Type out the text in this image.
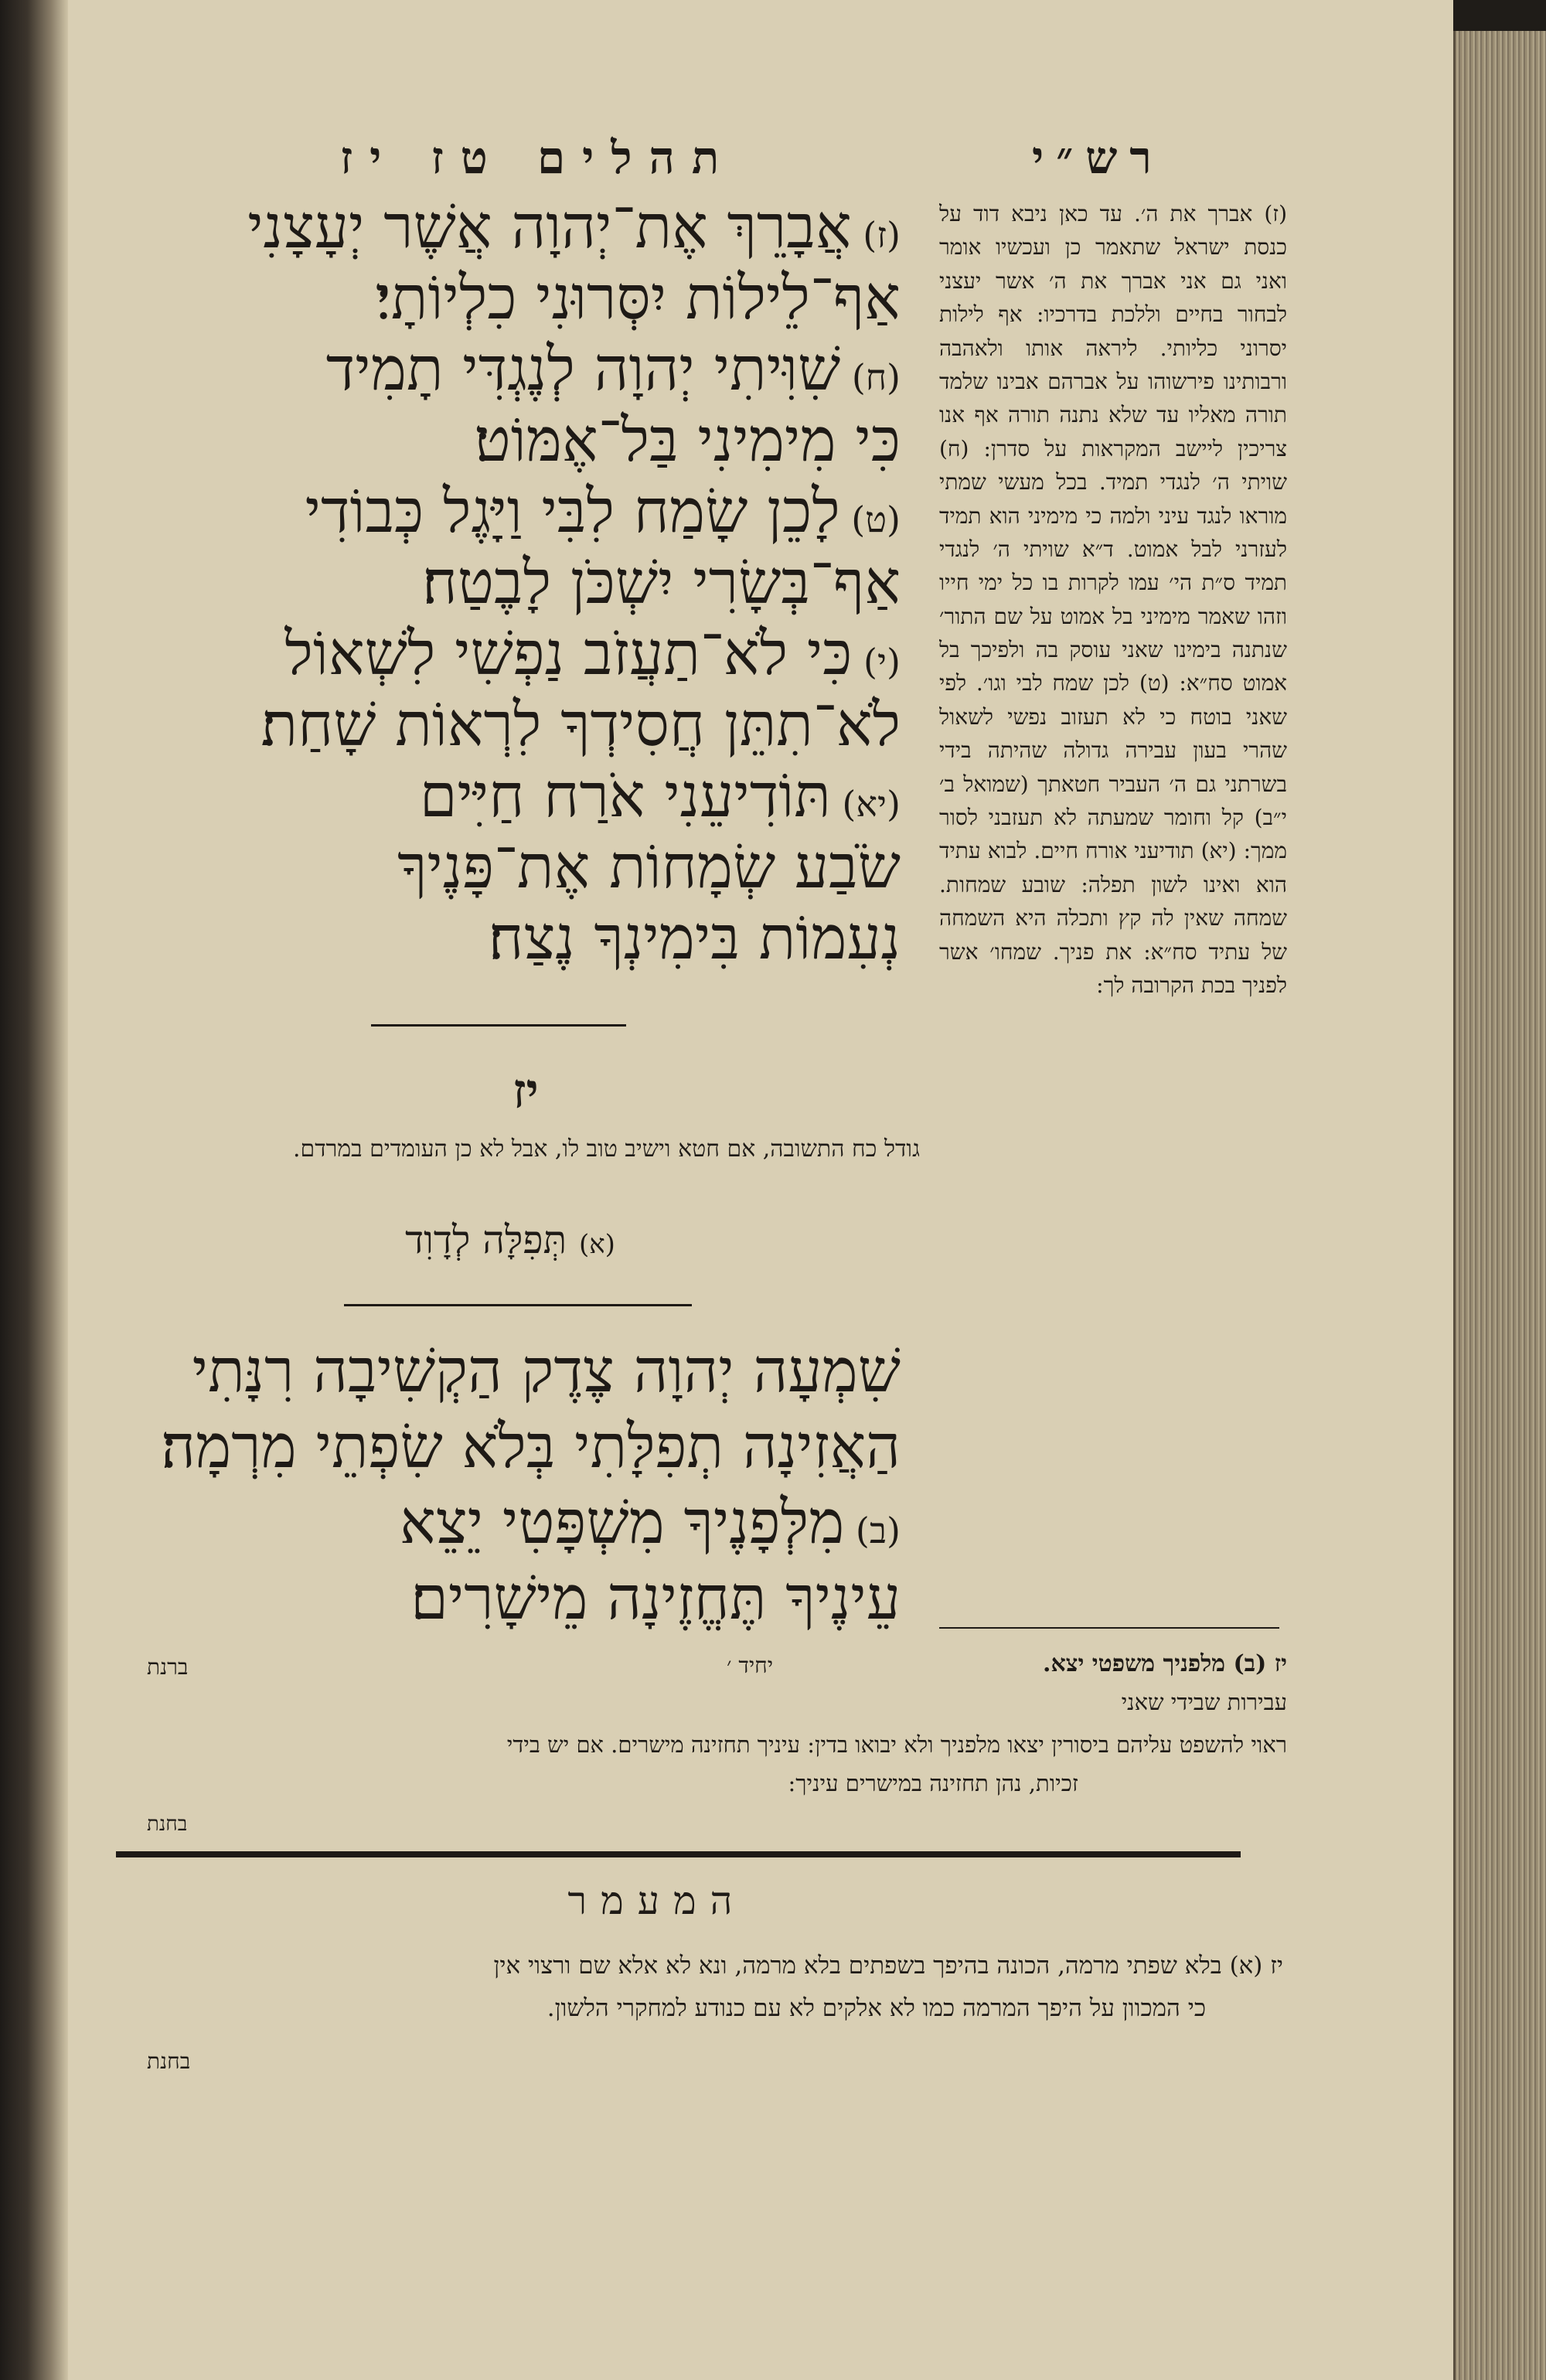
רש״י
תהלים טז יז
(ז) אֲבָרֵךְ אֶת־יְהוָה אֲשֶׁר יְעָצָנִי
אַף־לֵילוֹת יִסְּרוּנִי כִלְיוֹתָי׃
(ח) שִׁוִּיתִי יְהוָה לְנֶגְדִּי תָמִיד
כִּי מִימִינִי בַּל־אֶמּוֹט׃
(ט) לָכֵן שָׂמַח לִבִּי וַיָּגֶל כְּבוֹדִי
אַף־בְּשָׂרִי יִשְׁכֹּן לָבֶטַח׃
(י) כִּי לֹא־תַעֲזֹב נַפְשִׁי לִשְׁאוֹל
לֹא־תִתֵּן חֲסִידְךָ לִרְאוֹת שָׁחַת׃
(יא) תּוֹדִיעֵנִי אֹרַח חַיִּים
שֹׂבַע שְׂמָחוֹת אֶת־פָּנֶיךָ
נְעִמוֹת בִּימִינְךָ נֶצַח׃
יז
גודל כח התשובה, אם חטא וישיב טוב לו, אבל לא כן העומדים במרדם.
(א) תְּפִלָּה לְדָוִד
שִׁמְעָה יְהוָה צֶדֶק הַקְשִׁיבָה רִנָּתִי
הַאֲזִינָה תְפִלָּתִי בְּלֹא שִׂפְתֵי מִרְמָה׃
(ב) מִלְּפָנֶיךָ מִשְׁפָּטִי יֵצֵא
עֵינֶיךָ תֶּחֱזֶינָה מֵישָׁרִים׃
ברנת	יחיד ׳
(ז) אברך את ה׳. עד כאן ניבא דוד על כנסת ישראל שתאמר כן ועכשיו אומר ואני גם אני אברך את ה׳ אשר יעצני לבחור בחיים וללכת בדרכיו: אף לילות יסרוני כליותי. ליראה אותו ולאהבה ורבותינו פירשוהו על אברהם אבינו שלמד תורה מאליו עד שלא נתנה תורה אף אנו צריכין ליישב המקראות על סדרן: (ח) שויתי ה׳ לנגדי תמיד. בכל מעשי שמתי מוראו לנגד עיני ולמה כי מימיני הוא תמיד לעזרני לבל אמוט. ד״א שויתי ה׳ לנגדי תמיד ס״ת הי׳ עמו לקרות בו כל ימי חייו וזהו שאמר מימיני בל אמוט על שם התור׳ שנתנה בימינו שאני עוסק בה ולפיכך בל אמוט סח״א: (ט) לכן שמח לבי וגו׳. לפי שאני בוטח כי לא תעזוב נפשי לשאול שהרי בעון עבירה גדולה שהיתה בידי בשרתני גם ה׳ העביר חטאתך (שמואל ב׳ י״ב) קל וחומר שמעתה לא תעזבני לסור ממך: (יא) תודיעני אורח חיים. לבוא עתיד הוא ואינו לשון תפלה: שובע שמחות. שמחה שאין לה קץ ותכלה היא השמחה של עתיד סח״א: את פניך. שמחו׳ אשר לפניך בכת הקרובה לך:
יז (ב) מלפניך משפטי יצא.
עבירות שבידי שאני
ראוי להשפט עליהם ביסורין יצאו מלפניך ולא יבואו בדין: עיניך תחזינה מישרים. אם יש בידי
זכיות, נהן תחזינה במישרים עיניך:
בחנת
המעמר
יז (א) בלא שפתי מרמה, הכונה בהיפך בשפתים בלא מרמה, ונא לא אלא שם ורצוי אין
כי המכוון על היפך המרמה כמו לא אלקים לא עם כנודע למחקרי הלשון.
בחנת
